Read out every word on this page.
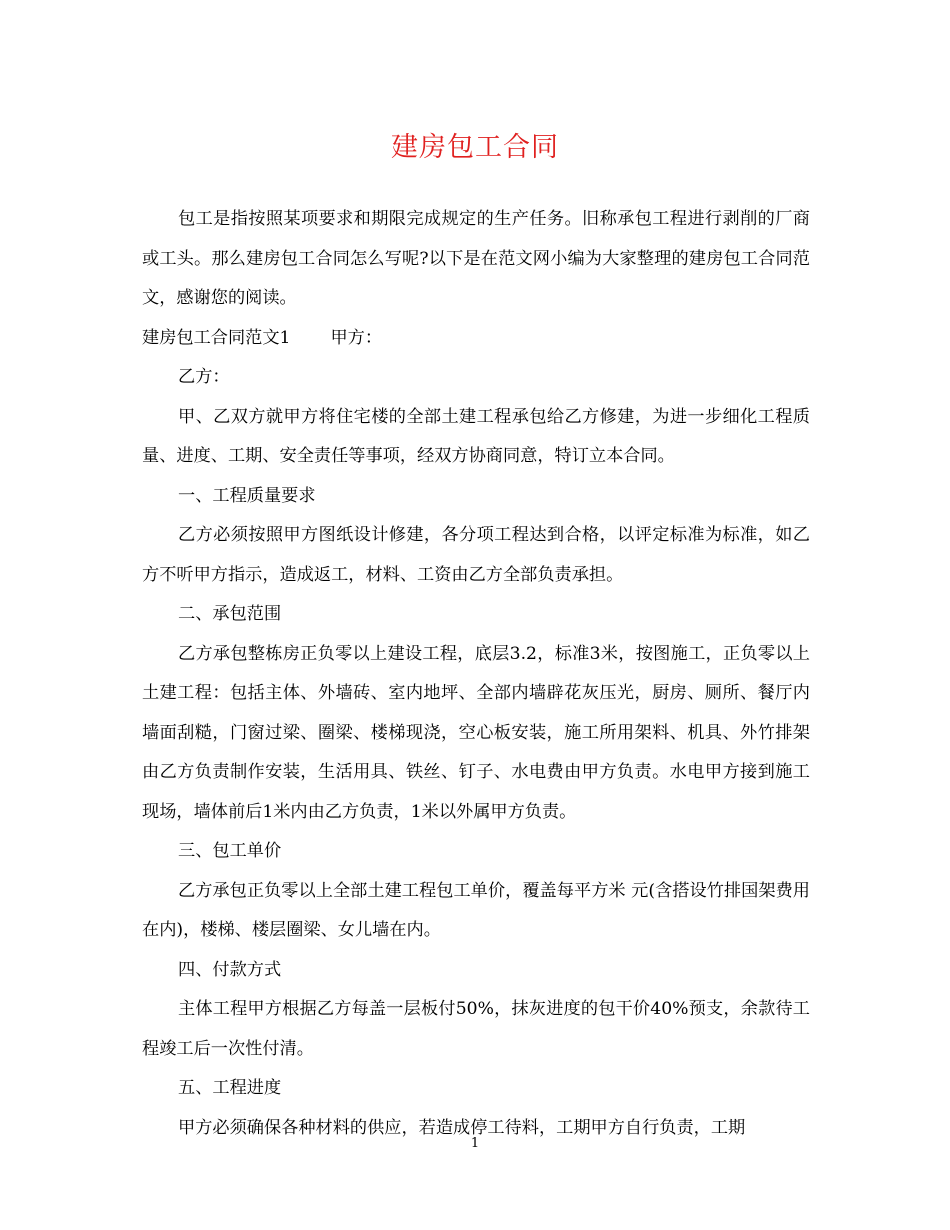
建房包工合同

包工是指按照某项要求和期限完成规定的生产任务。旧称承包工程进行剥削的厂商或工头。那么建房包工合同怎么写呢?以下是在范文网小编为大家整理的建房包工合同范文，感谢您的阅读。

建房包工合同范文1 甲方：

乙方：

甲、乙双方就甲方将住宅楼的全部土建工程承包给乙方修建，为进一步细化工程质量、进度、工期、安全责任等事项，经双方协商同意，特订立本合同。

一、工程质量要求

乙方必须按照甲方图纸设计修建，各分项工程达到合格，以评定标准为标准，如乙方不听甲方指示，造成返工，材料、工资由乙方全部负责承担。

二、承包范围

乙方承包整栋房正负零以上建设工程，底层3.2，标准3米，按图施工，正负零以上土建工程：包括主体、外墙砖、室内地坪、全部内墙辟花灰压光，厨房、厕所、餐厅内墙面刮糙，门窗过梁、圈梁、楼梯现浇，空心板安装，施工所用架料、机具、外竹排架由乙方负责制作安装，生活用具、铁丝、钉子、水电费由甲方负责。水电甲方接到施工现场，墙体前后1米内由乙方负责，1米以外属甲方负责。

三、包工单价

乙方承包正负零以上全部土建工程包工单价，覆盖每平方米 元(含搭设竹排国架费用在内)，楼梯、楼层圈梁、女儿墙在内。

四、付款方式

主体工程甲方根据乙方每盖一层板付50%，抹灰进度的包干价40%预支，余款待工程竣工后一次性付清。

五、工程进度

甲方必须确保各种材料的供应，若造成停工待料，工期甲方自行负责，工期

1
